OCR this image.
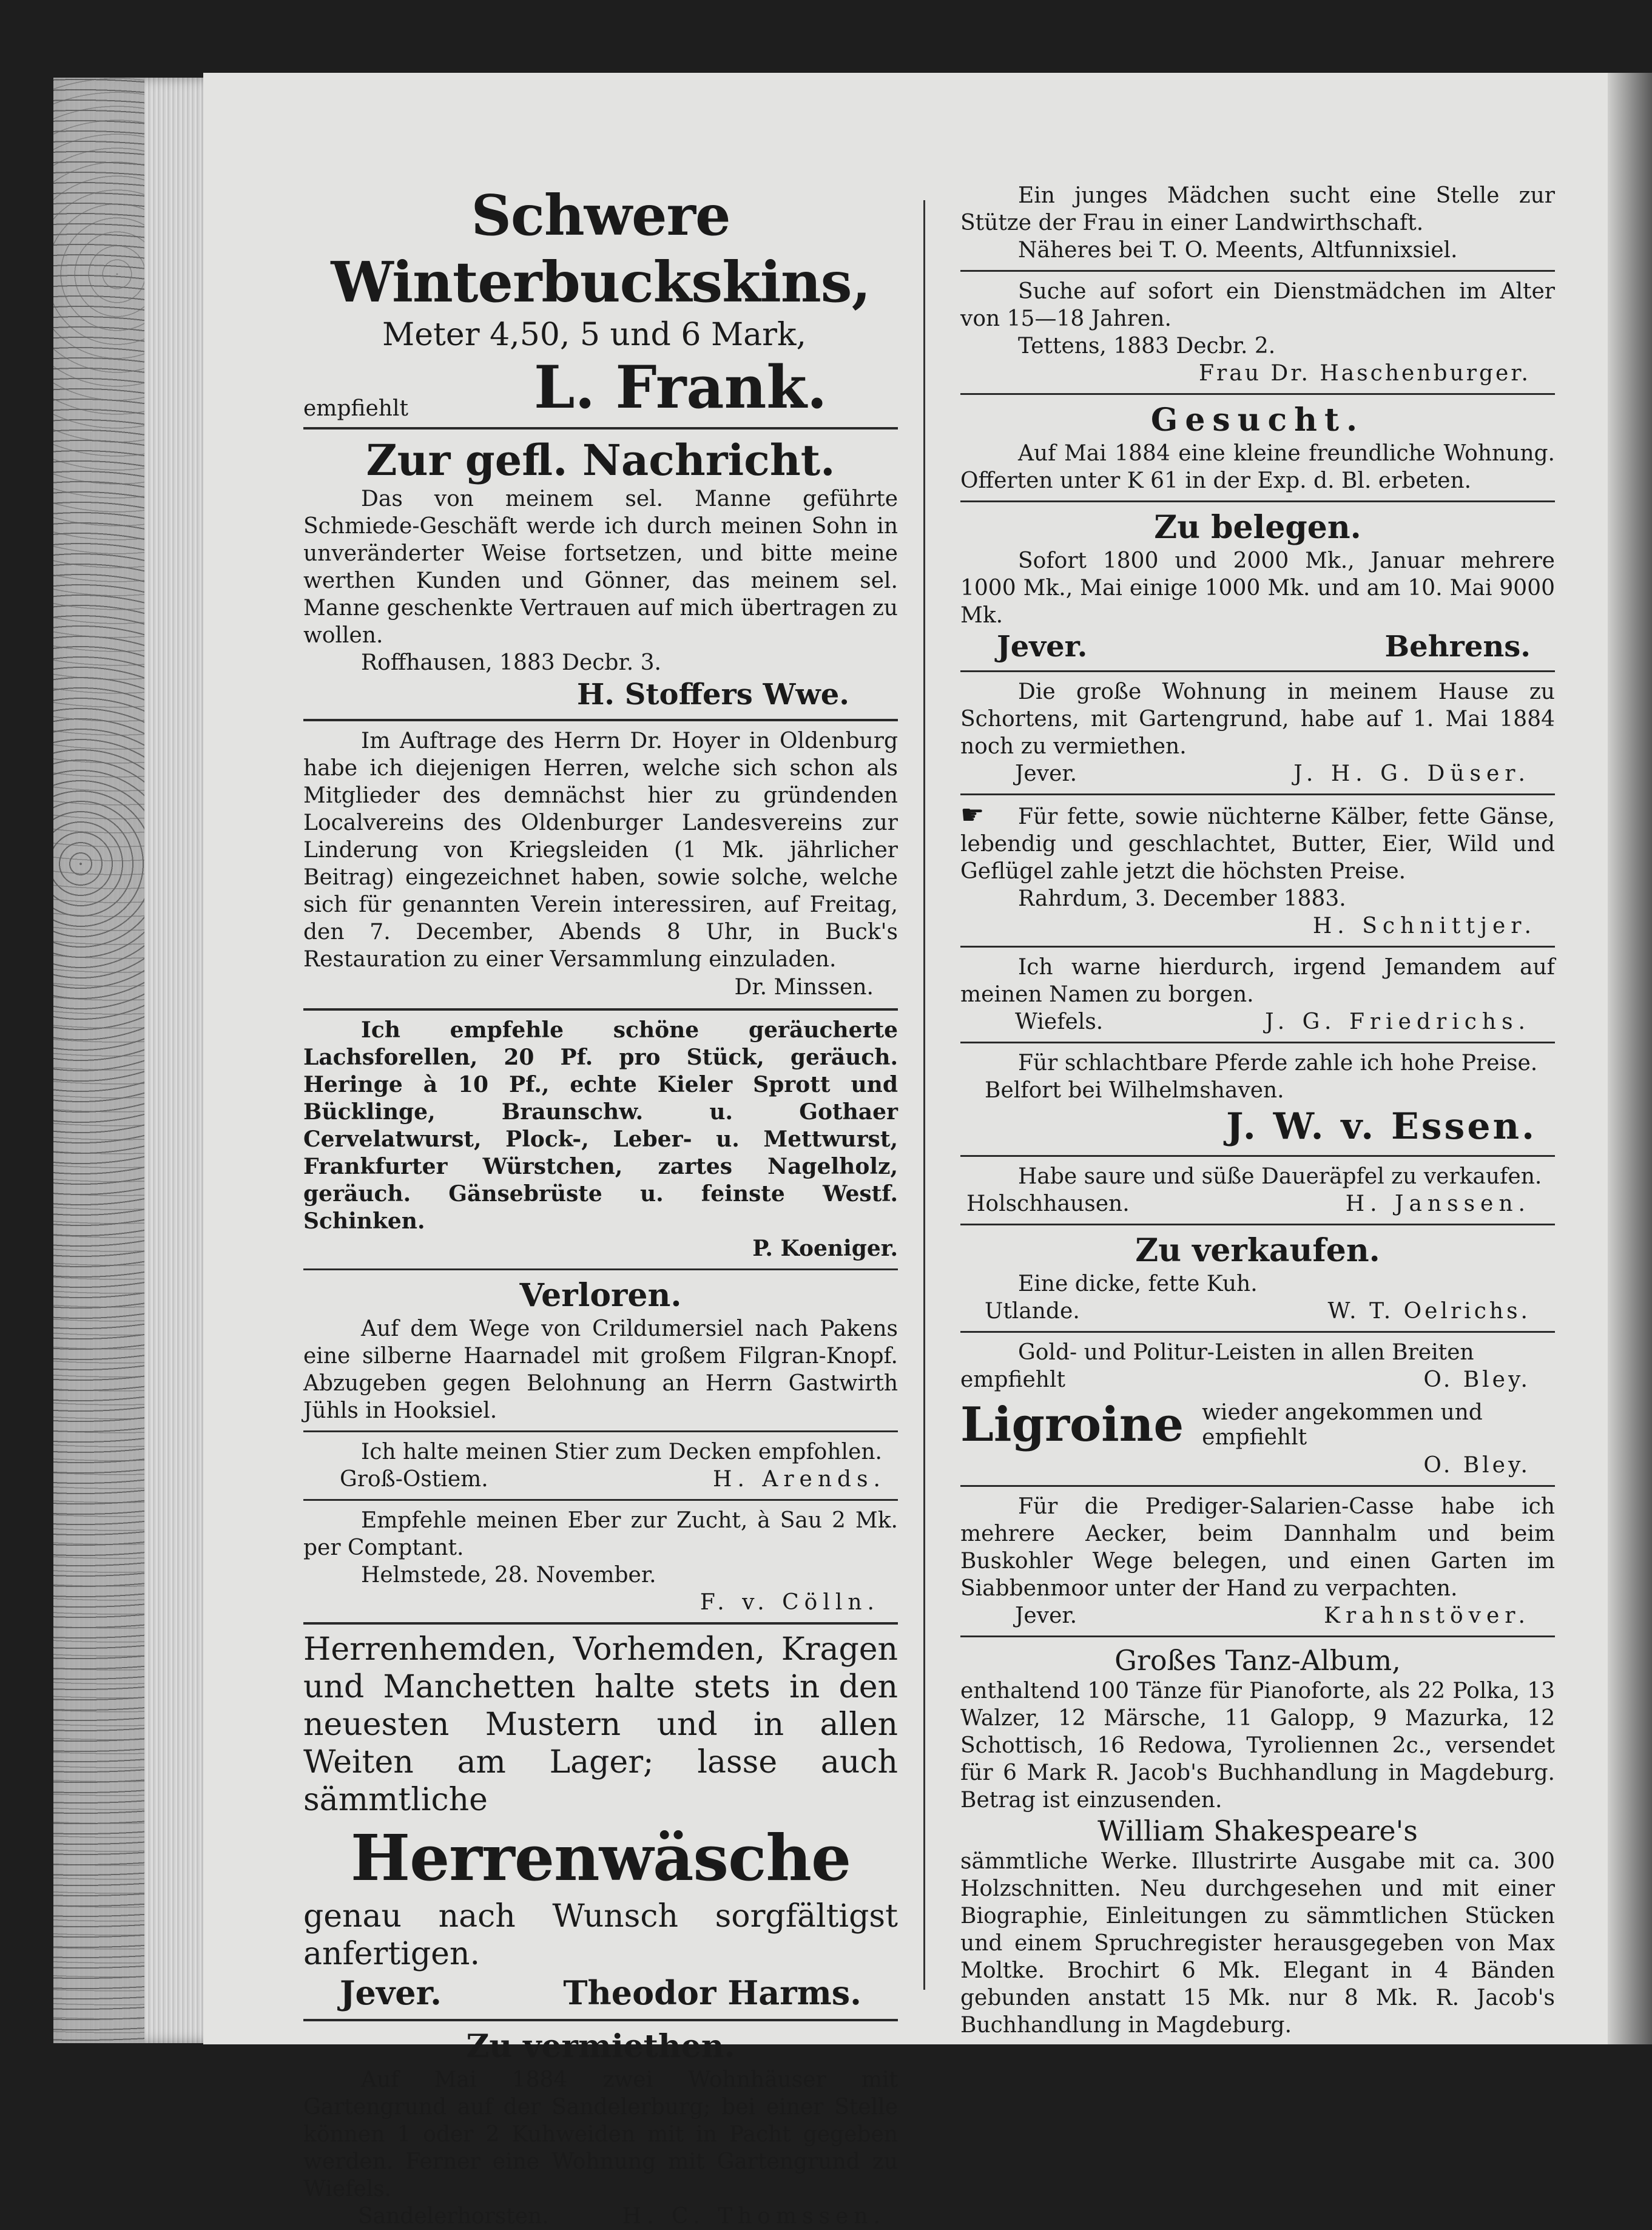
Schwere Winterbuckskins,
Meter 4,50, 5 und 6 Mark,
empfiehlt	L. Frank.
Zur gefl. Nachricht.

Das von meinem sel. Manne geführte Schmiede-Geschäft werde ich durch meinen Sohn in unveränderter Weise fortsetzen, und bitte meine werthen Kunden und Gönner, das meinem sel. Manne geschenkte Vertrauen auf mich übertragen zu wollen.

Roffhausen, 1883 Decbr. 3.

H. Stoffers Wwe.

Im Auftrage des Herrn Dr. Hoyer in Oldenburg habe ich diejenigen Herren, welche sich schon als Mitglieder des demnächst hier zu gründenden Localvereins des Oldenburger Landesvereins zur Linderung von Kriegsleiden (1 Mk. jährlicher Beitrag) eingezeichnet haben, sowie solche, welche sich für genannten Verein interessiren, auf Freitag, den 7. December, Abends 8 Uhr, in Buck's Restauration zu einer Versammlung einzuladen.

Dr. Minssen.

Ich empfehle schöne geräucherte Lachsforellen, 20 Pf. pro Stück, geräuch. Heringe à 10 Pf., echte Kieler Sprott und Bücklinge, Braunschw. u. Gothaer Cervelatwurst, Plock-, Leber- u. Mettwurst, Frankfurter Würstchen, zartes Nagelholz, geräuch. Gänsebrüste u. feinste Westf. Schinken.

P. Koeniger.
Verloren.

Auf dem Wege von Crildumersiel nach Pakens eine silberne Haarnadel mit großem Filgran-Knopf. Abzugeben gegen Belohnung an Herrn Gastwirth Jühls in Hooksiel.

Ich halte meinen Stier zum Decken empfohlen.

Groß-Ostiem.	H. Arends.

Empfehle meinen Eber zur Zucht, à Sau 2 Mk. per Comptant.

Helmstede, 28. November.

F. v. Cölln.

Herrenhemden, Vorhemden, Kragen und Manchetten halte stets in den neuesten Mustern und in allen Weiten am Lager; lasse auch sämmtliche

Herrenwäsche

genau nach Wunsch sorgfältigst anfertigen.

Jever.	Theodor Harms.
Zu vermiethen.

Auf Mai 1884 zwei Wohnhäuser mit Gartengrund auf der Sandelerburg; bei einer Stelle können 1 oder 2 Kuhweiden mit in Pacht gegeben werden. Ferner eine Wohnung mit Gartengrund zu Wiefels.

Sandelerhorsten.	H. C. Thomssen.

Ein junges Mädchen sucht eine Stelle zur Stütze der Frau in einer Landwirthschaft.

Näheres bei T. O. Meents, Altfunnixsiel.

Suche auf sofort ein Dienstmädchen im Alter von 15—18 Jahren.

Tettens, 1883 Decbr. 2.

Frau Dr. Haschenburger.
Gesucht.

Auf Mai 1884 eine kleine freundliche Wohnung. Offerten unter K 61 in der Exp. d. Bl. erbeten.

Zu belegen.

Sofort 1800 und 2000 Mk., Januar mehrere 1000 Mk., Mai einige 1000 Mk. und am 10. Mai 9000 Mk.

Jever.	Behrens.

Die große Wohnung in meinem Hause zu Schortens, mit Gartengrund, habe auf 1. Mai 1884 noch zu vermiethen.

Jever.	J. H. G. Düser.

☛ Für fette, sowie nüchterne Kälber, fette Gänse, lebendig und geschlachtet, Butter, Eier, Wild und Geflügel zahle jetzt die höchsten Preise.

Rahrdum, 3. December 1883.

H. Schnittjer.

Ich warne hierdurch, irgend Jemandem auf meinen Namen zu borgen.

Wiefels.	J. G. Friedrichs.

Für schlachtbare Pferde zahle ich hohe Preise.

Belfort bei Wilhelmshaven.

J. W. v. Essen.

Habe saure und süße Daueräpfel zu verkaufen.

Holschhausen.	H. Janssen.
Zu verkaufen.

Eine dicke, fette Kuh.

Utlande.	W. T. Oelrichs.

Gold- und Politur-Leisten in allen Breiten

empfiehlt	O. Bley.
Ligroine wieder angekommen und empfiehlt
O. Bley.

Für die Prediger-Salarien-Casse habe ich mehrere Aecker, beim Dannhalm und beim Buskohler Wege belegen, und einen Garten im Siabbenmoor unter der Hand zu verpachten.

Jever.	Krahnstöver.
Großes Tanz-Album,

enthaltend 100 Tänze für Pianoforte, als 22 Polka, 13 Walzer, 12 Märsche, 11 Galopp, 9 Mazurka, 12 Schottisch, 16 Redowa, Tyroliennen 2c., versendet für 6 Mark R. Jacob's Buchhandlung in Magdeburg. Betrag ist einzusenden.

William Shakespeare's

sämmtliche Werke. Illustrirte Ausgabe mit ca. 300 Holzschnitten. Neu durchgesehen und mit einer Biographie, Einleitungen zu sämmtlichen Stücken und einem Spruchregister herausgegeben von Max Moltke. Brochirt 6 Mk. Elegant in 4 Bänden gebunden anstatt 15 Mk. nur 8 Mk. R. Jacob's Buchhandlung in Magdeburg.
